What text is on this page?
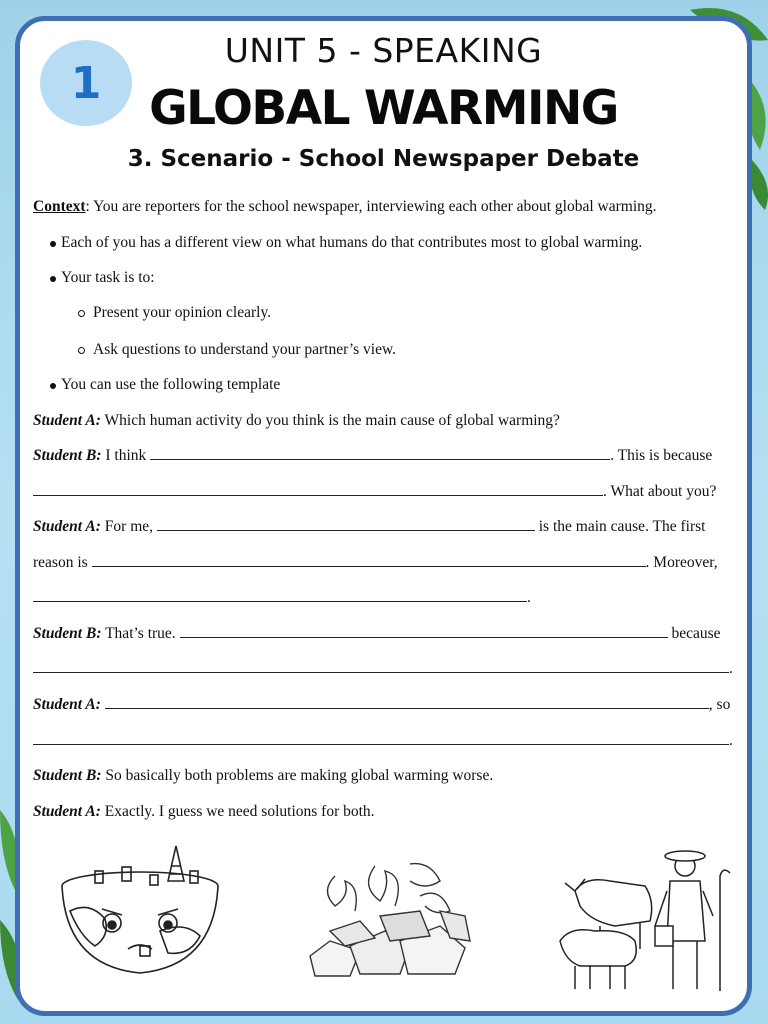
1
UNIT 5 - SPEAKING
GLOBAL WARMING
3. Scenario - School Newspaper Debate
Context: You are reporters for the school newspaper, interviewing each other about global warming.
Each of you has a different view on what humans do that contributes most to global warming.
Your task is to:
Present your opinion clearly.
Ask questions to understand your partner’s view.
You can use the following template
Student A: Which human activity do you think is the main cause of global warming?
Student B: I think	. This is because
. What about you?
Student A: For me,	is the main cause. The first
reason is	. Moreover,
.
Student B: That’s true.	because
.
Student A:	, so
.
Student B: So basically both problems are making global warming worse.
Student A: Exactly. I guess we need solutions for both.
